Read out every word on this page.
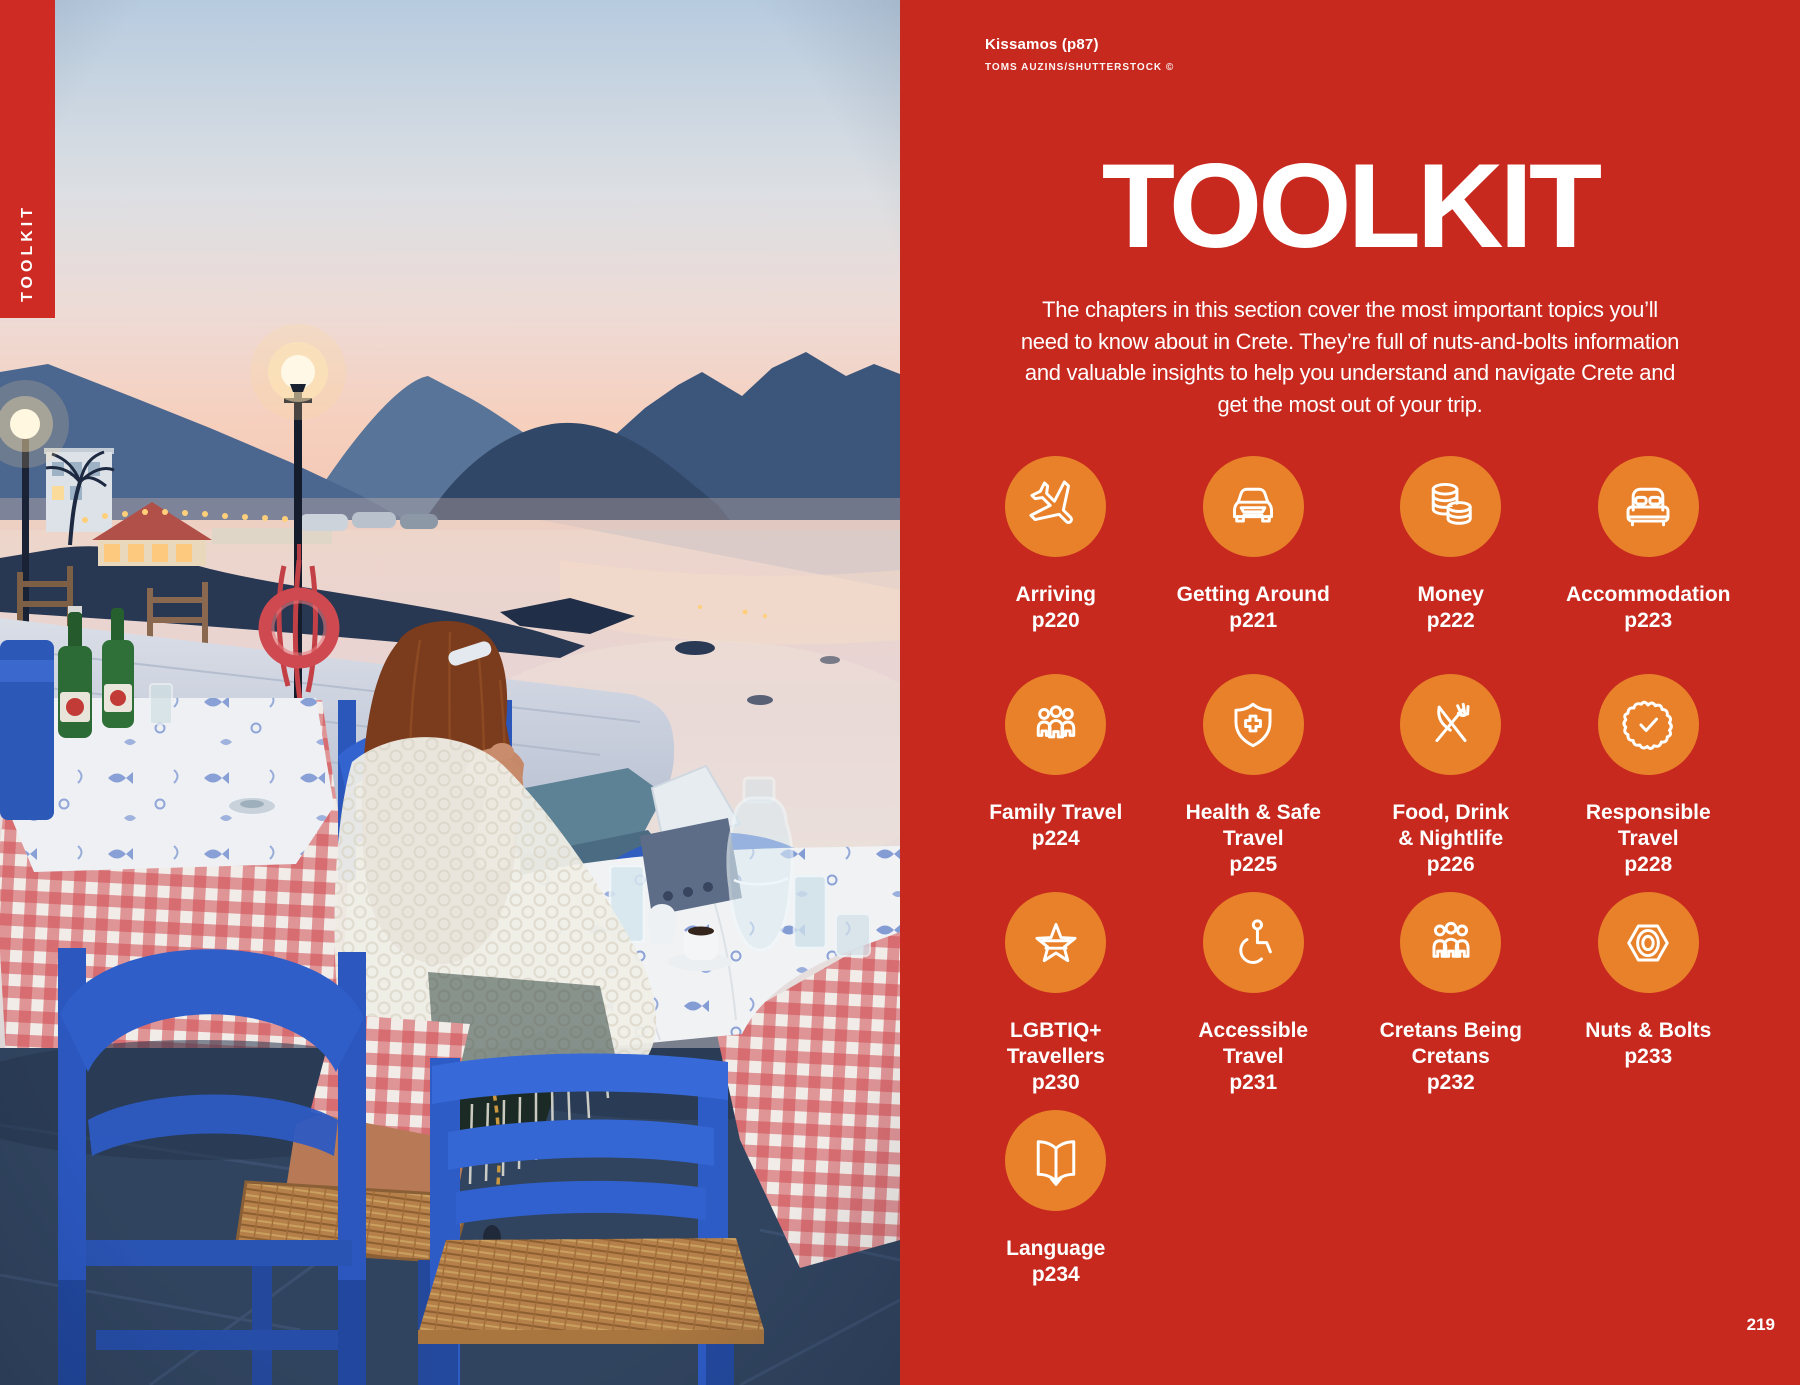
TOOLKIT
Kissamos (p87)
TOMS AUZINS/SHUTTERSTOCK ©
TOOLKIT
The chapters in this section cover the most important topics you’ll
need to know about in Crete. They’re full of nuts-and-bolts information
and valuable insights to help you understand and navigate Crete and
get the most out of your trip.
Arriving
p220
Getting Around
p221
Money
p222
Accommodation
p223
Family Travel
p224
Health & Safe
Travel
p225
Food, Drink
& Nightlife
p226
Responsible
Travel
p228
LGBTIQ+
Travellers
p230
Accessible
Travel
p231
Cretans Being
Cretans
p232
Nuts & Bolts
p233
Language
p234
219
